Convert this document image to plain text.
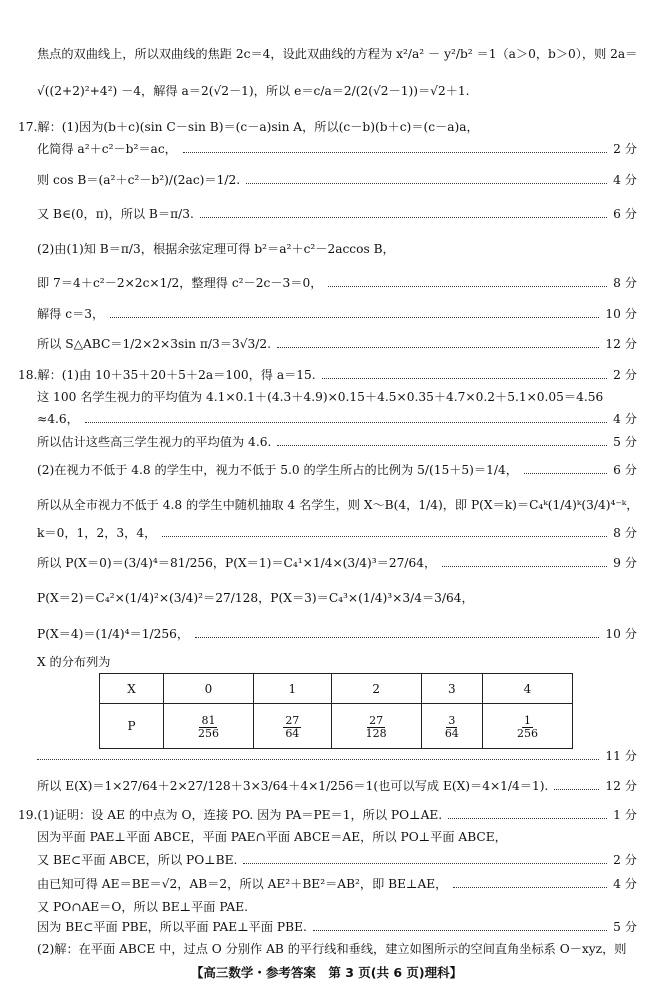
焦点的双曲线上，所以双曲线的焦距 2c＝4，设此双曲线的方程为 x²/a² － y²/b² ＝1（a＞0，b＞0），则 2a＝
√((2+2)²+4²) －4，解得 a＝2(√2－1)，所以 e＝c/a＝2/(2(√2－1))＝√2＋1.
17.解：(1)因为(b＋c)(sin C－sin B)＝(c－a)sin A，所以(c－b)(b＋c)＝(c－a)a，
化简得 a²＋c²－b²＝ac，	2 分
则 cos B＝(a²＋c²－b²)/(2ac)＝1/2.	4 分
又 B∈(0，π)，所以 B＝π/3.	6 分
(2)由(1)知 B＝π/3，根据余弦定理可得 b²＝a²＋c²－2accos B，
即 7＝4＋c²－2×2c×1/2，整理得 c²－2c－3＝0，	8 分
解得 c＝3，	10 分
所以 S△ABC＝1/2×2×3sin π/3＝3√3/2.	12 分
18.解：(1)由 10＋35＋20＋5＋2a＝100，得 a＝15.	2 分
这 100 名学生视力的平均值为 4.1×0.1＋(4.3＋4.9)×0.15＋4.5×0.35＋4.7×0.2＋5.1×0.05＝4.56
≈4.6，	4 分
所以估计这些高三学生视力的平均值为 4.6.	5 分
(2)在视力不低于 4.8 的学生中，视力不低于 5.0 的学生所占的比例为 5/(15＋5)＝1/4，	6 分
所以从全市视力不低于 4.8 的学生中随机抽取 4 名学生，则 X～B(4，1/4)，即 P(X＝k)＝C₄ᵏ(1/4)ᵏ(3/4)⁴⁻ᵏ，
k＝0，1，2，3，4，	8 分
所以 P(X＝0)＝(3/4)⁴＝81/256，P(X＝1)＝C₄¹×1/4×(3/4)³＝27/64，	9 分
P(X＝2)＝C₄²×(1/4)²×(3/4)²＝27/128，P(X＝3)＝C₄³×(1/4)³×3/4＝3/64，
P(X＝4)＝(1/4)⁴＝1/256，	10 分
X 的分布列为
X	0	1	2	3	4
P	$\frac{81}{256}$	$\frac{27}{64}$	$\frac{27}{128}$	$\frac{3}{64}$	$\frac{1}{256}$
11 分
所以 E(X)＝1×27/64＋2×27/128＋3×3/64＋4×1/256＝1(也可以写成 E(X)＝4×1/4＝1).	12 分
19.(1)证明：设 AE 的中点为 O，连接 PO. 因为 PA＝PE＝1，所以 PO⊥AE.	1 分
因为平面 PAE⊥平面 ABCE，平面 PAE∩平面 ABCE＝AE，所以 PO⊥平面 ABCE，
又 BE⊂平面 ABCE，所以 PO⊥BE.	2 分
由已知可得 AE＝BE＝√2，AB＝2，所以 AE²＋BE²＝AB²，即 BE⊥AE，	4 分
又 PO∩AE＝O，所以 BE⊥平面 PAE.
因为 BE⊂平面 PBE，所以平面 PAE⊥平面 PBE.	5 分
(2)解：在平面 ABCE 中，过点 O 分别作 AB 的平行线和垂线，建立如图所示的空间直角坐标系 O－xyz，则
【高三数学・参考答案　第 3 页(共 6 页)理科】
